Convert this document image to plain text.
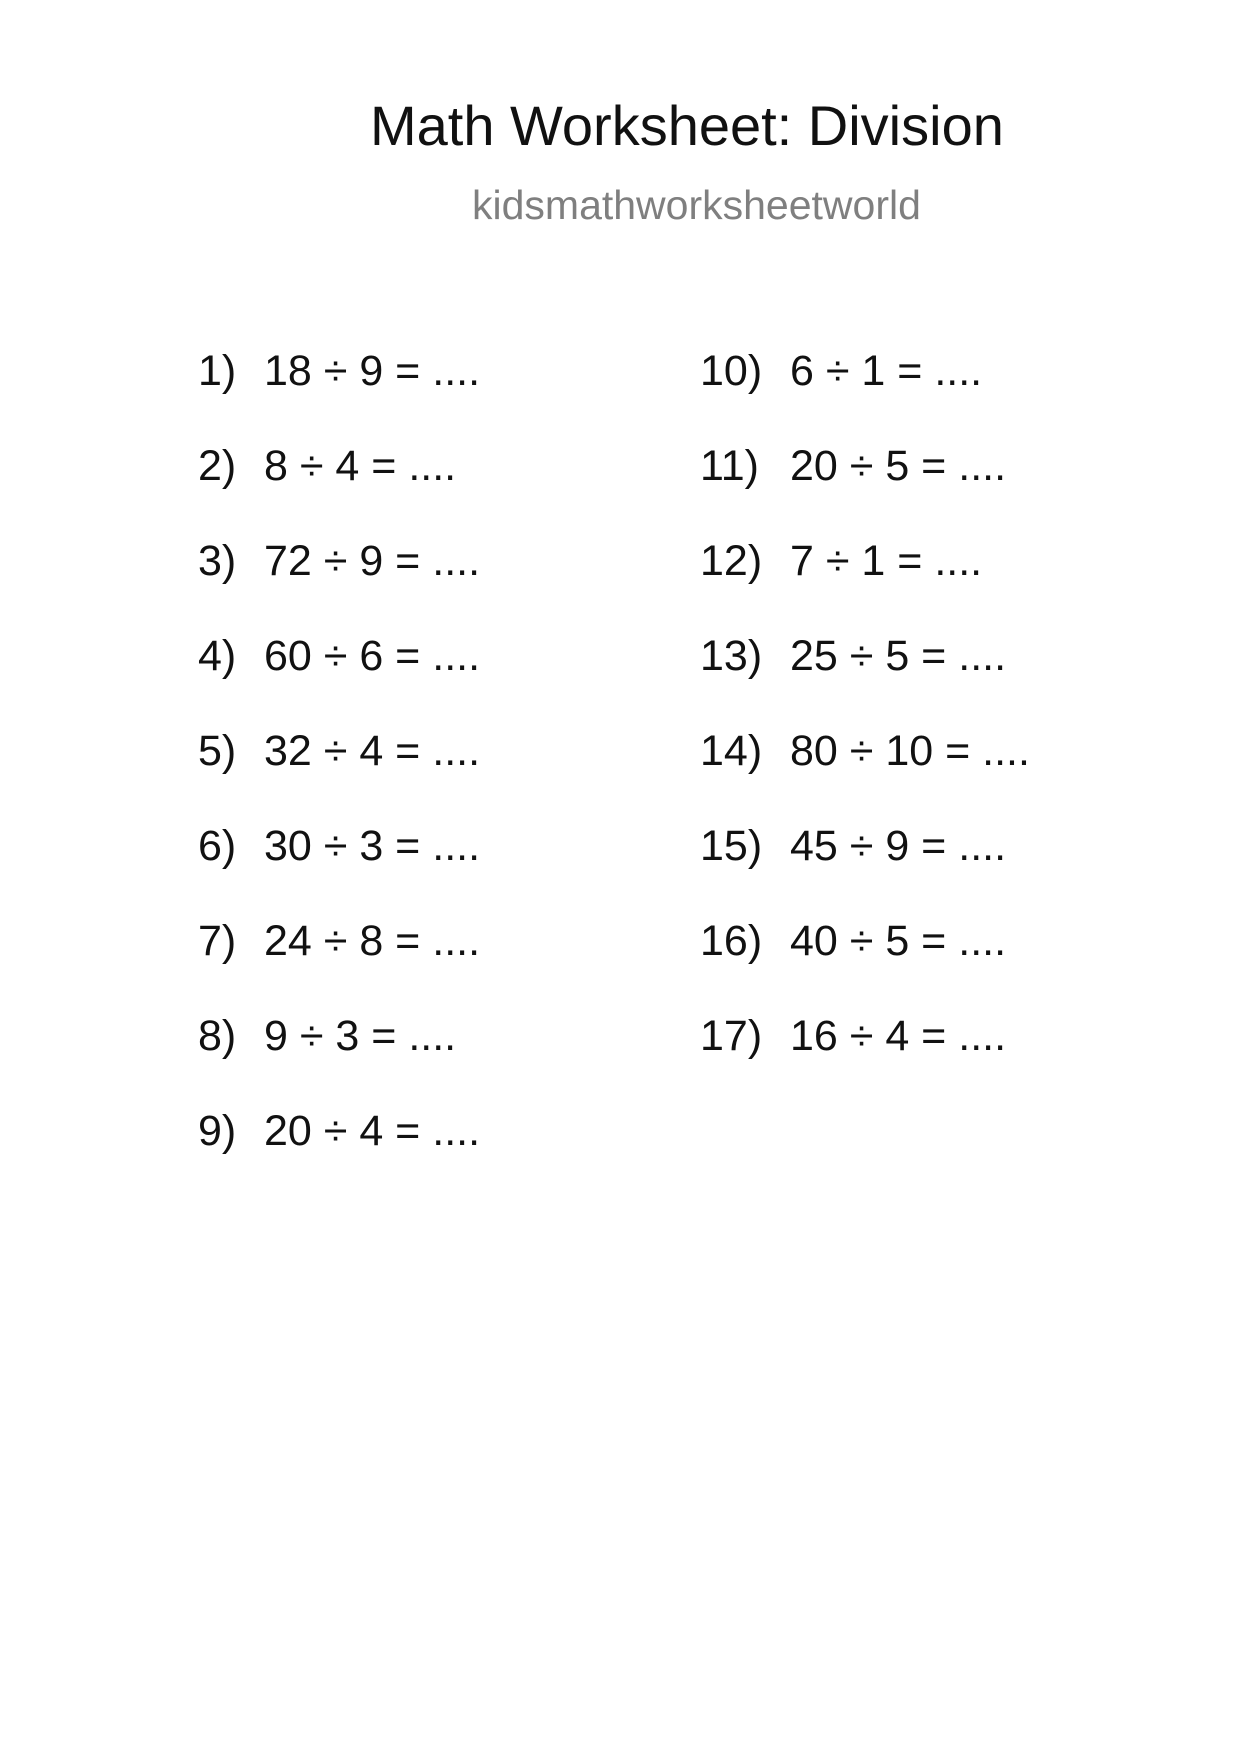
Math Worksheet: Division
kidsmathworksheetworld
1) 18 ÷ 9 = ....
2) 8 ÷ 4 = ....
3) 72 ÷ 9 = ....
4) 60 ÷ 6 = ....
5) 32 ÷ 4 = ....
6) 30 ÷ 3 = ....
7) 24 ÷ 8 = ....
8) 9 ÷ 3 = ....
9) 20 ÷ 4 = ....
10) 6 ÷ 1 = ....
11) 20 ÷ 5 = ....
12) 7 ÷ 1 = ....
13) 25 ÷ 5 = ....
14) 80 ÷ 10 = ....
15) 45 ÷ 9 = ....
16) 40 ÷ 5 = ....
17) 16 ÷ 4 = ....
